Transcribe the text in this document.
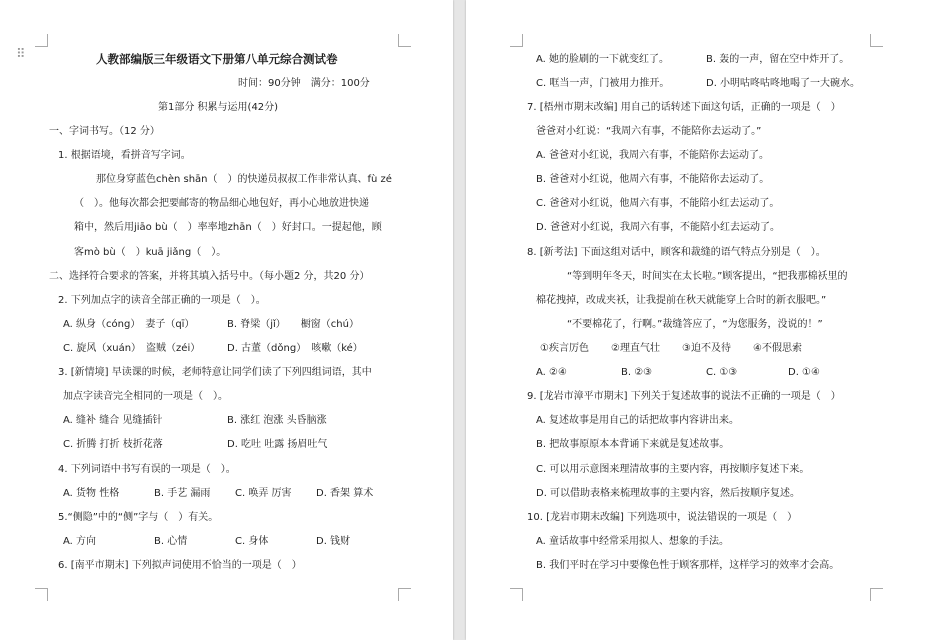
⠿	人教部编版三年级语文下册第八单元综合测试卷
时间：90分钟　满分：100分
第1部分 积累与运用(42分)
一、字词书写。（12 分）
1. 根据语境，看拼音写字词。
那位身穿蓝色chèn shān（　）的快递员叔叔工作非常认真、fù zé
（　）。他每次都会把要邮寄的物品细心地包好，再小心地放进快递
箱中，然后用jiāo bù（　）率率地zhān（　）好封口。一提起他，顾
客mò bù（　）kuā jiǎng（　）。
二、选择符合要求的答案，并将其填入括号中。（每小题2 分，共20 分）
2. 下列加点字的读音全部正确的一项是（　）。
A. 纵身（cóng）　妻子（qī）	B. 脊梁（jǐ）　　橱窗（chú）
C. 旋风（xuán）　盗贼（zéi）	D. 古董（dǒng）　咳嗽（ké）
3. [新情境] 早读课的时候，老师特意让同学们读了下列四组词语，其中
加点字读音完全相同的一项是（　）。
A. 缝补 缝合 见缝插针	B. 涨红 泡涨 头昏脑涨
C. 折腾 打折 枝折花落	D. 吃吐 吐露 扬眉吐气
4. 下列词语中书写有误的一项是（　）。
A. 货物 性格	B. 手艺 漏雨 C. 唤弄 厉害 D. 香架 算术
5.“侧隐”中的“侧”字与（　）有关。
A. 方向	B. 心情	C. 身体	D. 钱财
6. [南平市期末] 下列拟声词使用不恰当的一项是（　）
A. 她的脸刷的一下就变红了。	B. 轰的一声，留在空中炸开了。
C. 哐当一声，门被用力推开。	D. 小明咕咚咕咚地喝了一大碗水。
7. [梧州市期末改编] 用自己的话转述下面这句话，正确的一项是（　）
爸爸对小红说：“我周六有事，不能陪你去运动了。”
A. 爸爸对小红说，我周六有事，不能陪你去运动了。
B. 爸爸对小红说，他周六有事，不能陪你去运动了。
C. 爸爸对小红说，他周六有事，不能陪小红去运动了。
D. 爸爸对小红说，我周六有事，不能陪小红去运动了。
8. [新考法] 下面这组对话中，顾客和裁缝的语气特点分别是（　）。
“等到明年冬天，时间实在太长啦。”顾客提出，“把我那棉袄里的
棉花拽掉，改成夹袄，让我提前在秋天就能穿上合时的新衣服吧。”
“不要棉花了，行啊。”裁缝答应了，“为您服务，没说的！”
①疾言厉色 ②理直气壮 ③迫不及待 ④不假思索
A. ②④	B. ②③	C. ①③	D. ①④
9. [龙岩市漳平市期末] 下列关于复述故事的说法不正确的一项是（　）
A. 复述故事是用自己的话把故事内容讲出来。
B. 把故事原原本本背诵下来就是复述故事。
C. 可以用示意图来理清故事的主要内容，再按顺序复述下来。
D. 可以借助表格来梳理故事的主要内容，然后按顺序复述。
10. [龙岩市期末改编] 下列选项中，说法错误的一项是（　）
A. 童话故事中经常采用拟人、想象的手法。
B. 我们平时在学习中要像色性于顾客那样，这样学习的效率才会高。
